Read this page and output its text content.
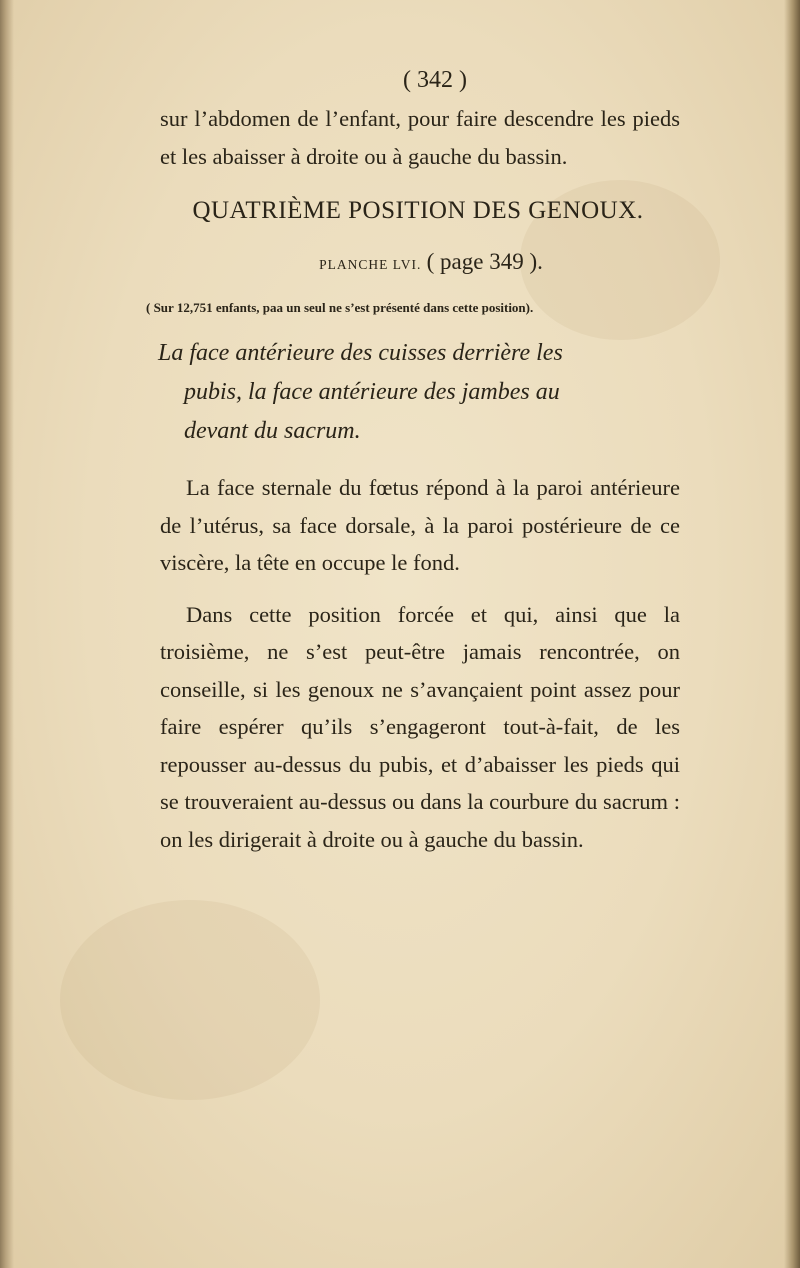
( 342 )

sur l’abdomen de l’enfant, pour faire descendre les pieds et les abaisser à droite ou à gauche du bassin.

QUATRIÈME POSITION DES GENOUX.
PLANCHE LVI. ( page 349 ).
( Sur 12,751 enfants, paa un seul ne s’est présenté dans cette position).
La face antérieure des cuisses derrière les
pubis, la face antérieure des jambes au
devant du sacrum.

La face sternale du fœtus répond à la paroi antérieure de l’utérus, sa face dorsale, à la paroi postérieure de ce viscère, la tête en occupe le fond.

Dans cette position forcée et qui, ainsi que la troisième, ne s’est peut-être jamais rencontrée, on conseille, si les genoux ne s’avançaient point assez pour faire espérer qu’ils s’engageront tout-à-fait, de les repousser au-dessus du pubis, et d’abaisser les pieds qui se trouveraient au-dessus ou dans la courbure du sacrum : on les dirigerait à droite ou à gauche du bassin.
